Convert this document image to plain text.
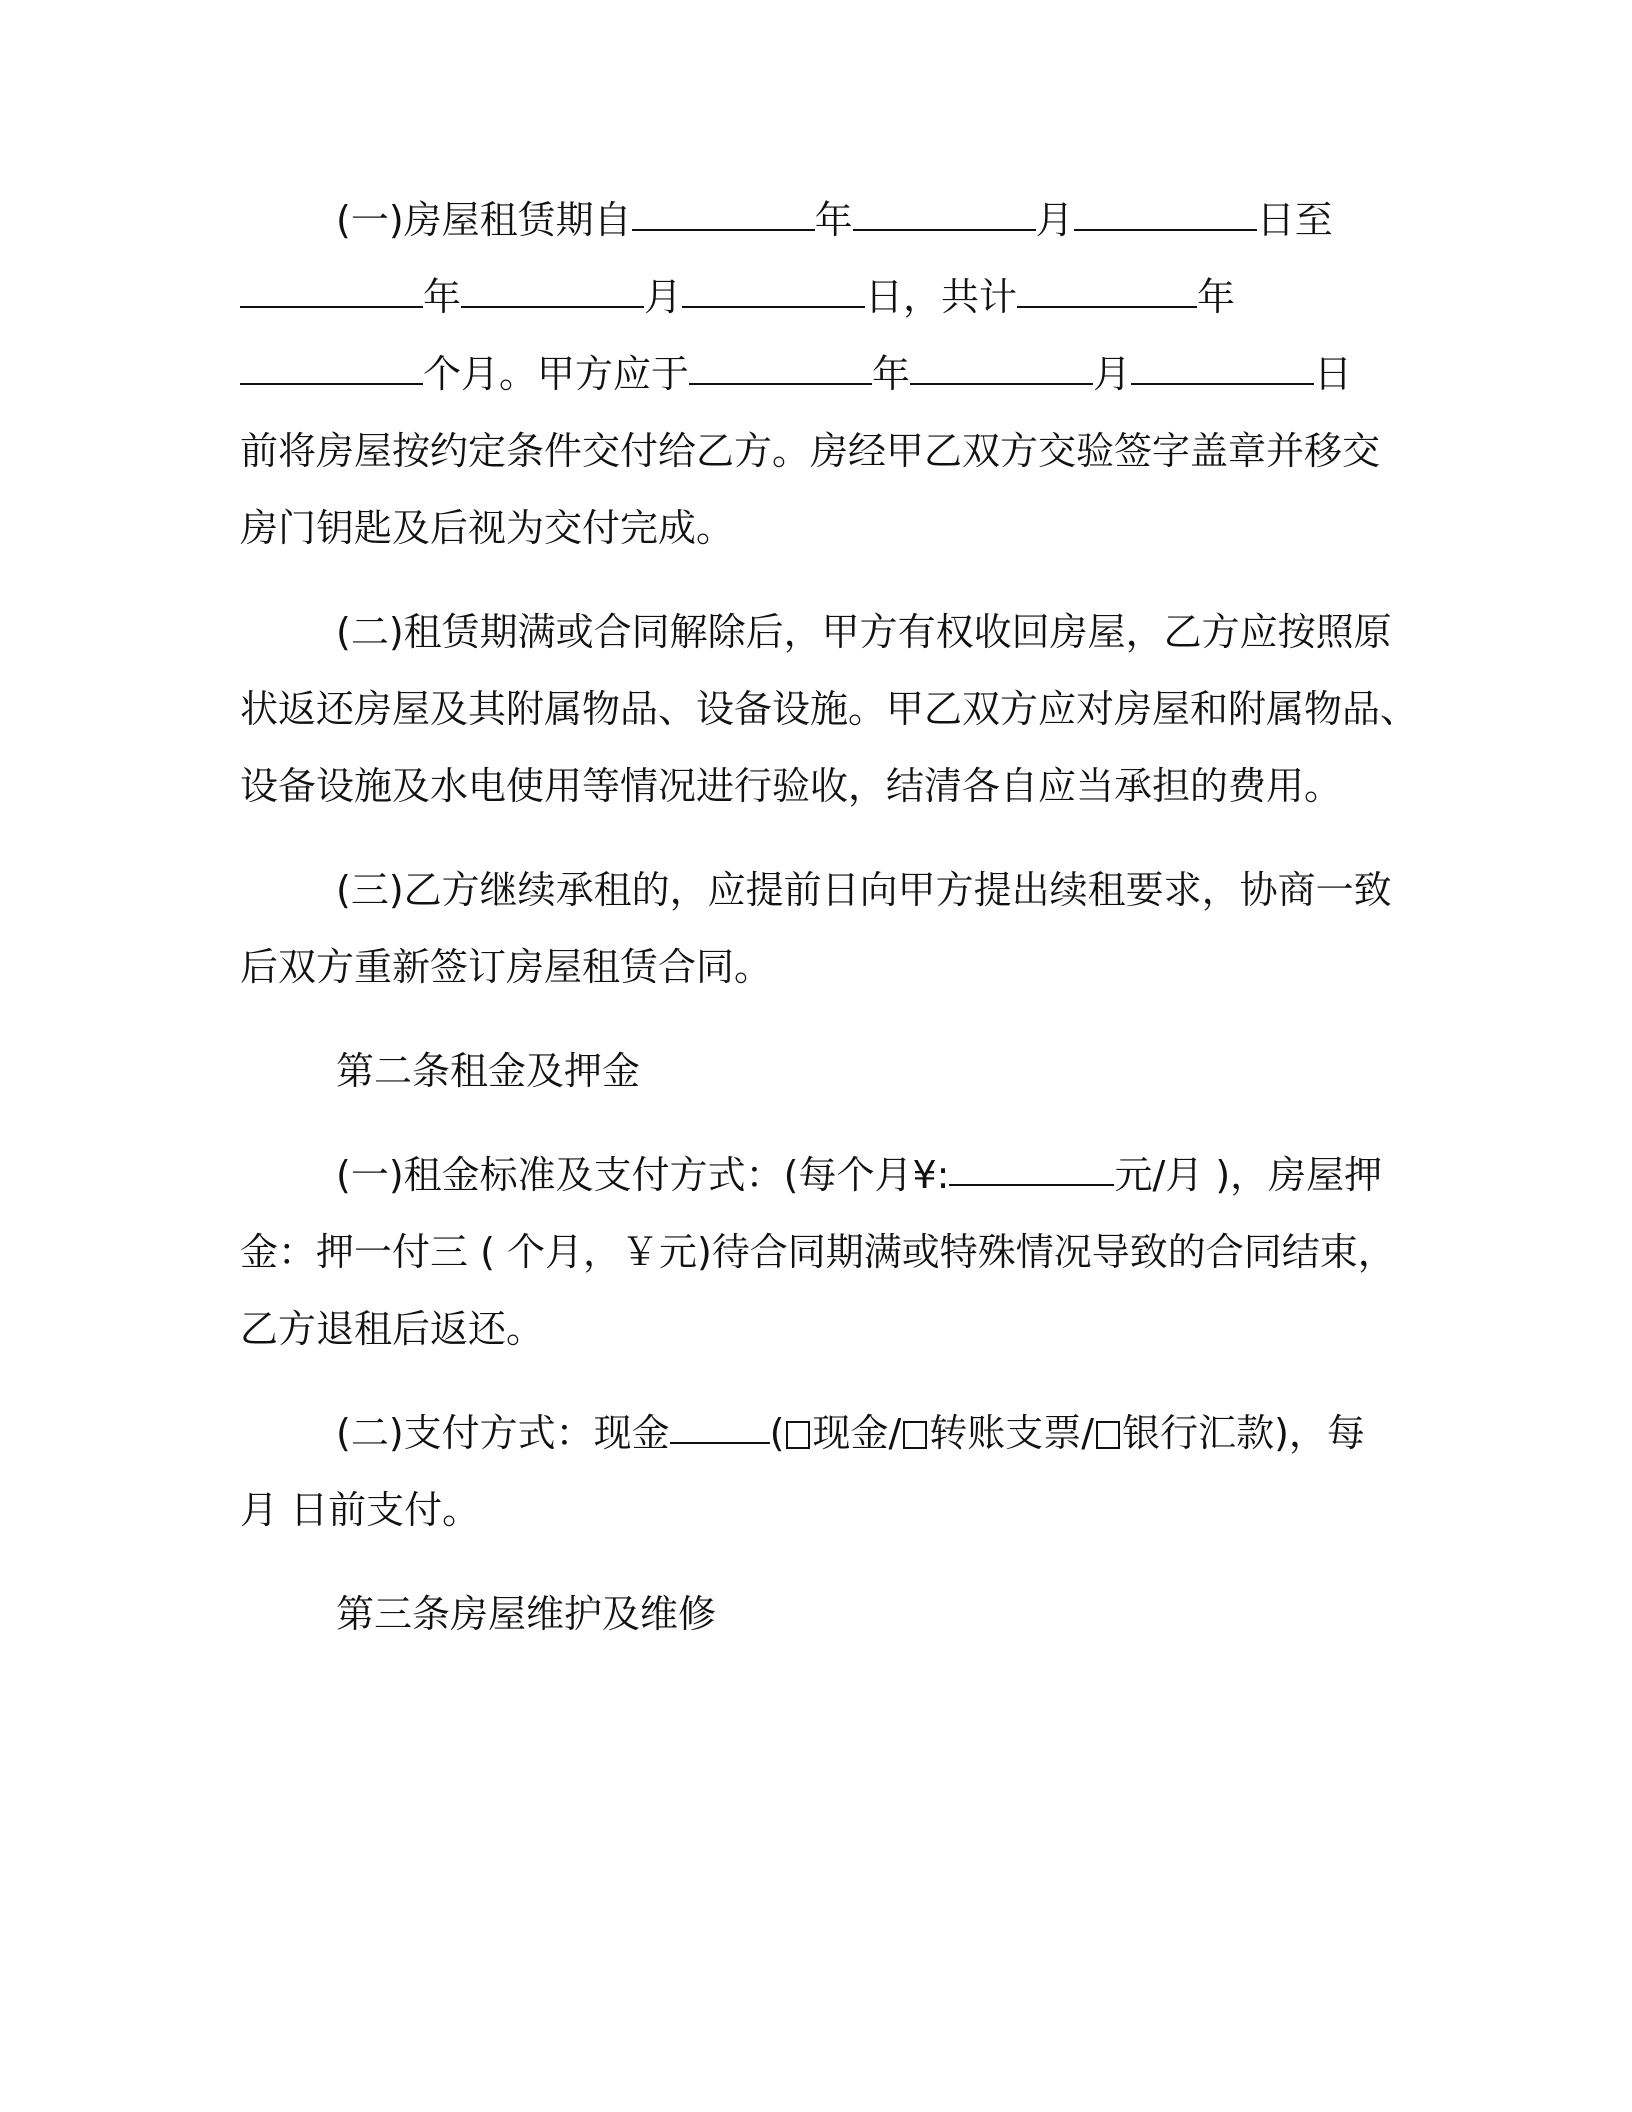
(一)房屋租赁期自	年	月	日至
年	月	日，共计	年
个月。甲方应于	年	月	日
前将房屋按约定条件交付给乙方。房经甲乙双方交验签字盖章并移交
房门钥匙及后视为交付完成。
(二)租赁期满或合同解除后，甲方有权收回房屋，乙方应按照原
状返还房屋及其附属物品、设备设施。甲乙双方应对房屋和附属物品、
设备设施及水电使用等情况进行验收，结清各自应当承担的费用。
(三)乙方继续承租的，应提前日向甲方提出续租要求，协商一致
后双方重新签订房屋租赁合同。
第二条租金及押金
(一)租金标准及支付方式：(每个月¥:	元/月 )，房屋押
金：押一付三 ( 个月，￥元)待合同期满或特殊情况导致的合同结束，
乙方退租后返还。
(二)支付方式：现金	( 现金/ 转账支票/ 银行汇款)，每
月 日前支付。
第三条房屋维护及维修
